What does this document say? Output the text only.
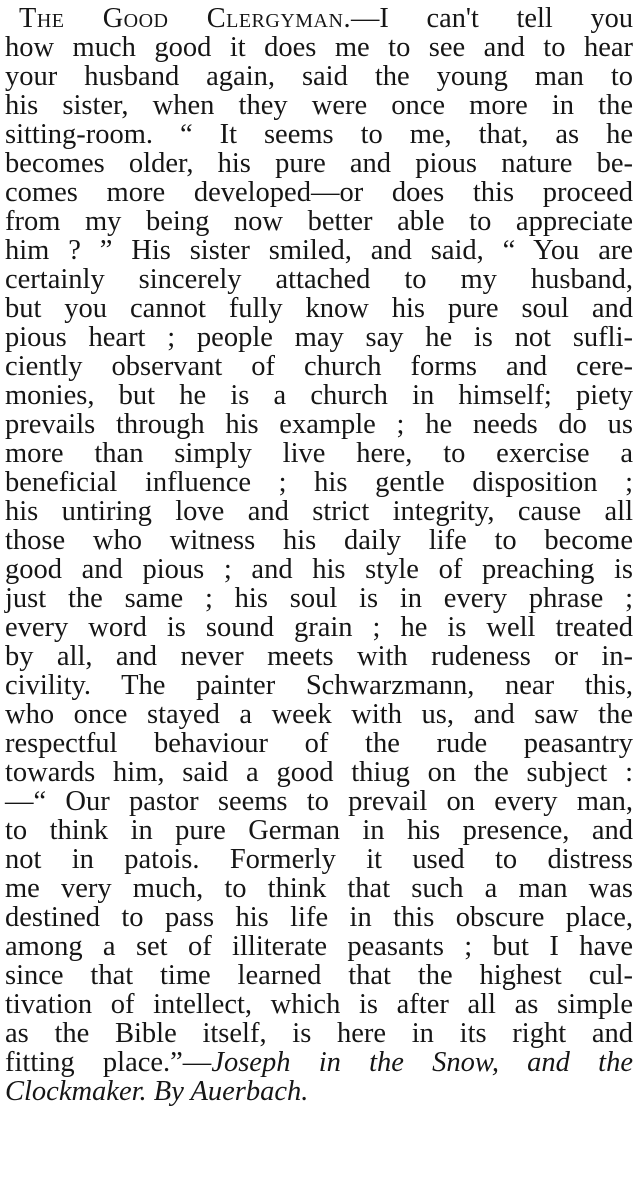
The Good Clergyman.—I can't tell you
how much good it does me to see and to hear
your husband again, said the young man to
his sister, when they were once more in the
sitting-room. “ It seems to me, that, as he
becomes older, his pure and pious nature be-
comes more developed—or does this proceed
from my being now better able to appreciate
him ? ” His sister smiled, and said, “ You are
certainly sincerely attached to my husband,
but you cannot fully know his pure soul and
pious heart ; people may say he is not sufli-
ciently observant of church forms and cere-
monies, but he is a church in himself; piety
prevails through his example ; he needs do us
more than simply live here, to exercise a
beneficial influence ; his gentle disposition ;
his untiring love and strict integrity, cause all
those who witness his daily life to become
good and pious ; and his style of preaching is
just the same ; his soul is in every phrase ;
every word is sound grain ; he is well treated
by all, and never meets with rudeness or in-
civility. The painter Schwarzmann, near this,
who once stayed a week with us, and saw the
respectful behaviour of the rude peasantry
towards him, said a good thiug on the subject :
—“ Our pastor seems to prevail on every man,
to think in pure German in his presence, and
not in patois. Formerly it used to distress
me very much, to think that such a man was
destined to pass his life in this obscure place,
among a set of illiterate peasants ; but I have
since that time learned that the highest cul-
tivation of intellect, which is after all as simple
as the Bible itself, is here in its right and
fitting place.”—Joseph in the Snow, and the
Clockmaker. By Auerbach.
